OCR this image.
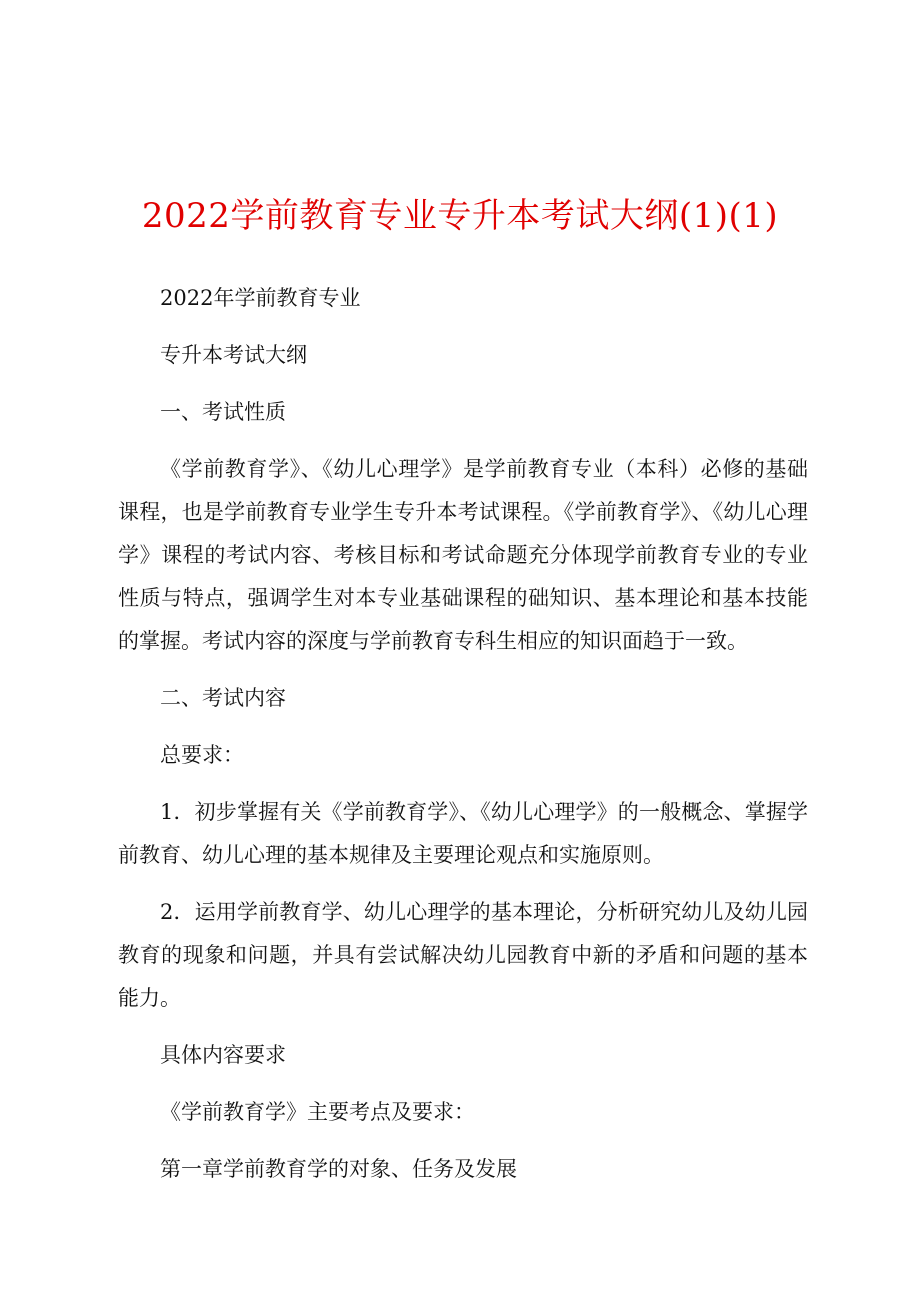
2022学前教育专业专升本考试大纲(1)(1)

2022年学前教育专业

专升本考试大纲

一、考试性质

《学前教育学》、《幼儿心理学》是学前教育专业（本科）必修的基础课程，也是学前教育专业学生专升本考试课程。《学前教育学》、《幼儿心理学》课程的考试内容、考核目标和考试命题充分体现学前教育专业的专业性质与特点，强调学生对本专业基础课程的础知识、基本理论和基本技能的掌握。考试内容的深度与学前教育专科生相应的知识面趋于一致。

二、考试内容

总要求：

1．初步掌握有关《学前教育学》、《幼儿心理学》的一般概念、掌握学前教育、幼儿心理的基本规律及主要理论观点和实施原则。

2．运用学前教育学、幼儿心理学的基本理论，分析研究幼儿及幼儿园教育的现象和问题，并具有尝试解决幼儿园教育中新的矛盾和问题的基本能力。

具体内容要求

《学前教育学》主要考点及要求：

第一章学前教育学的对象、任务及发展
